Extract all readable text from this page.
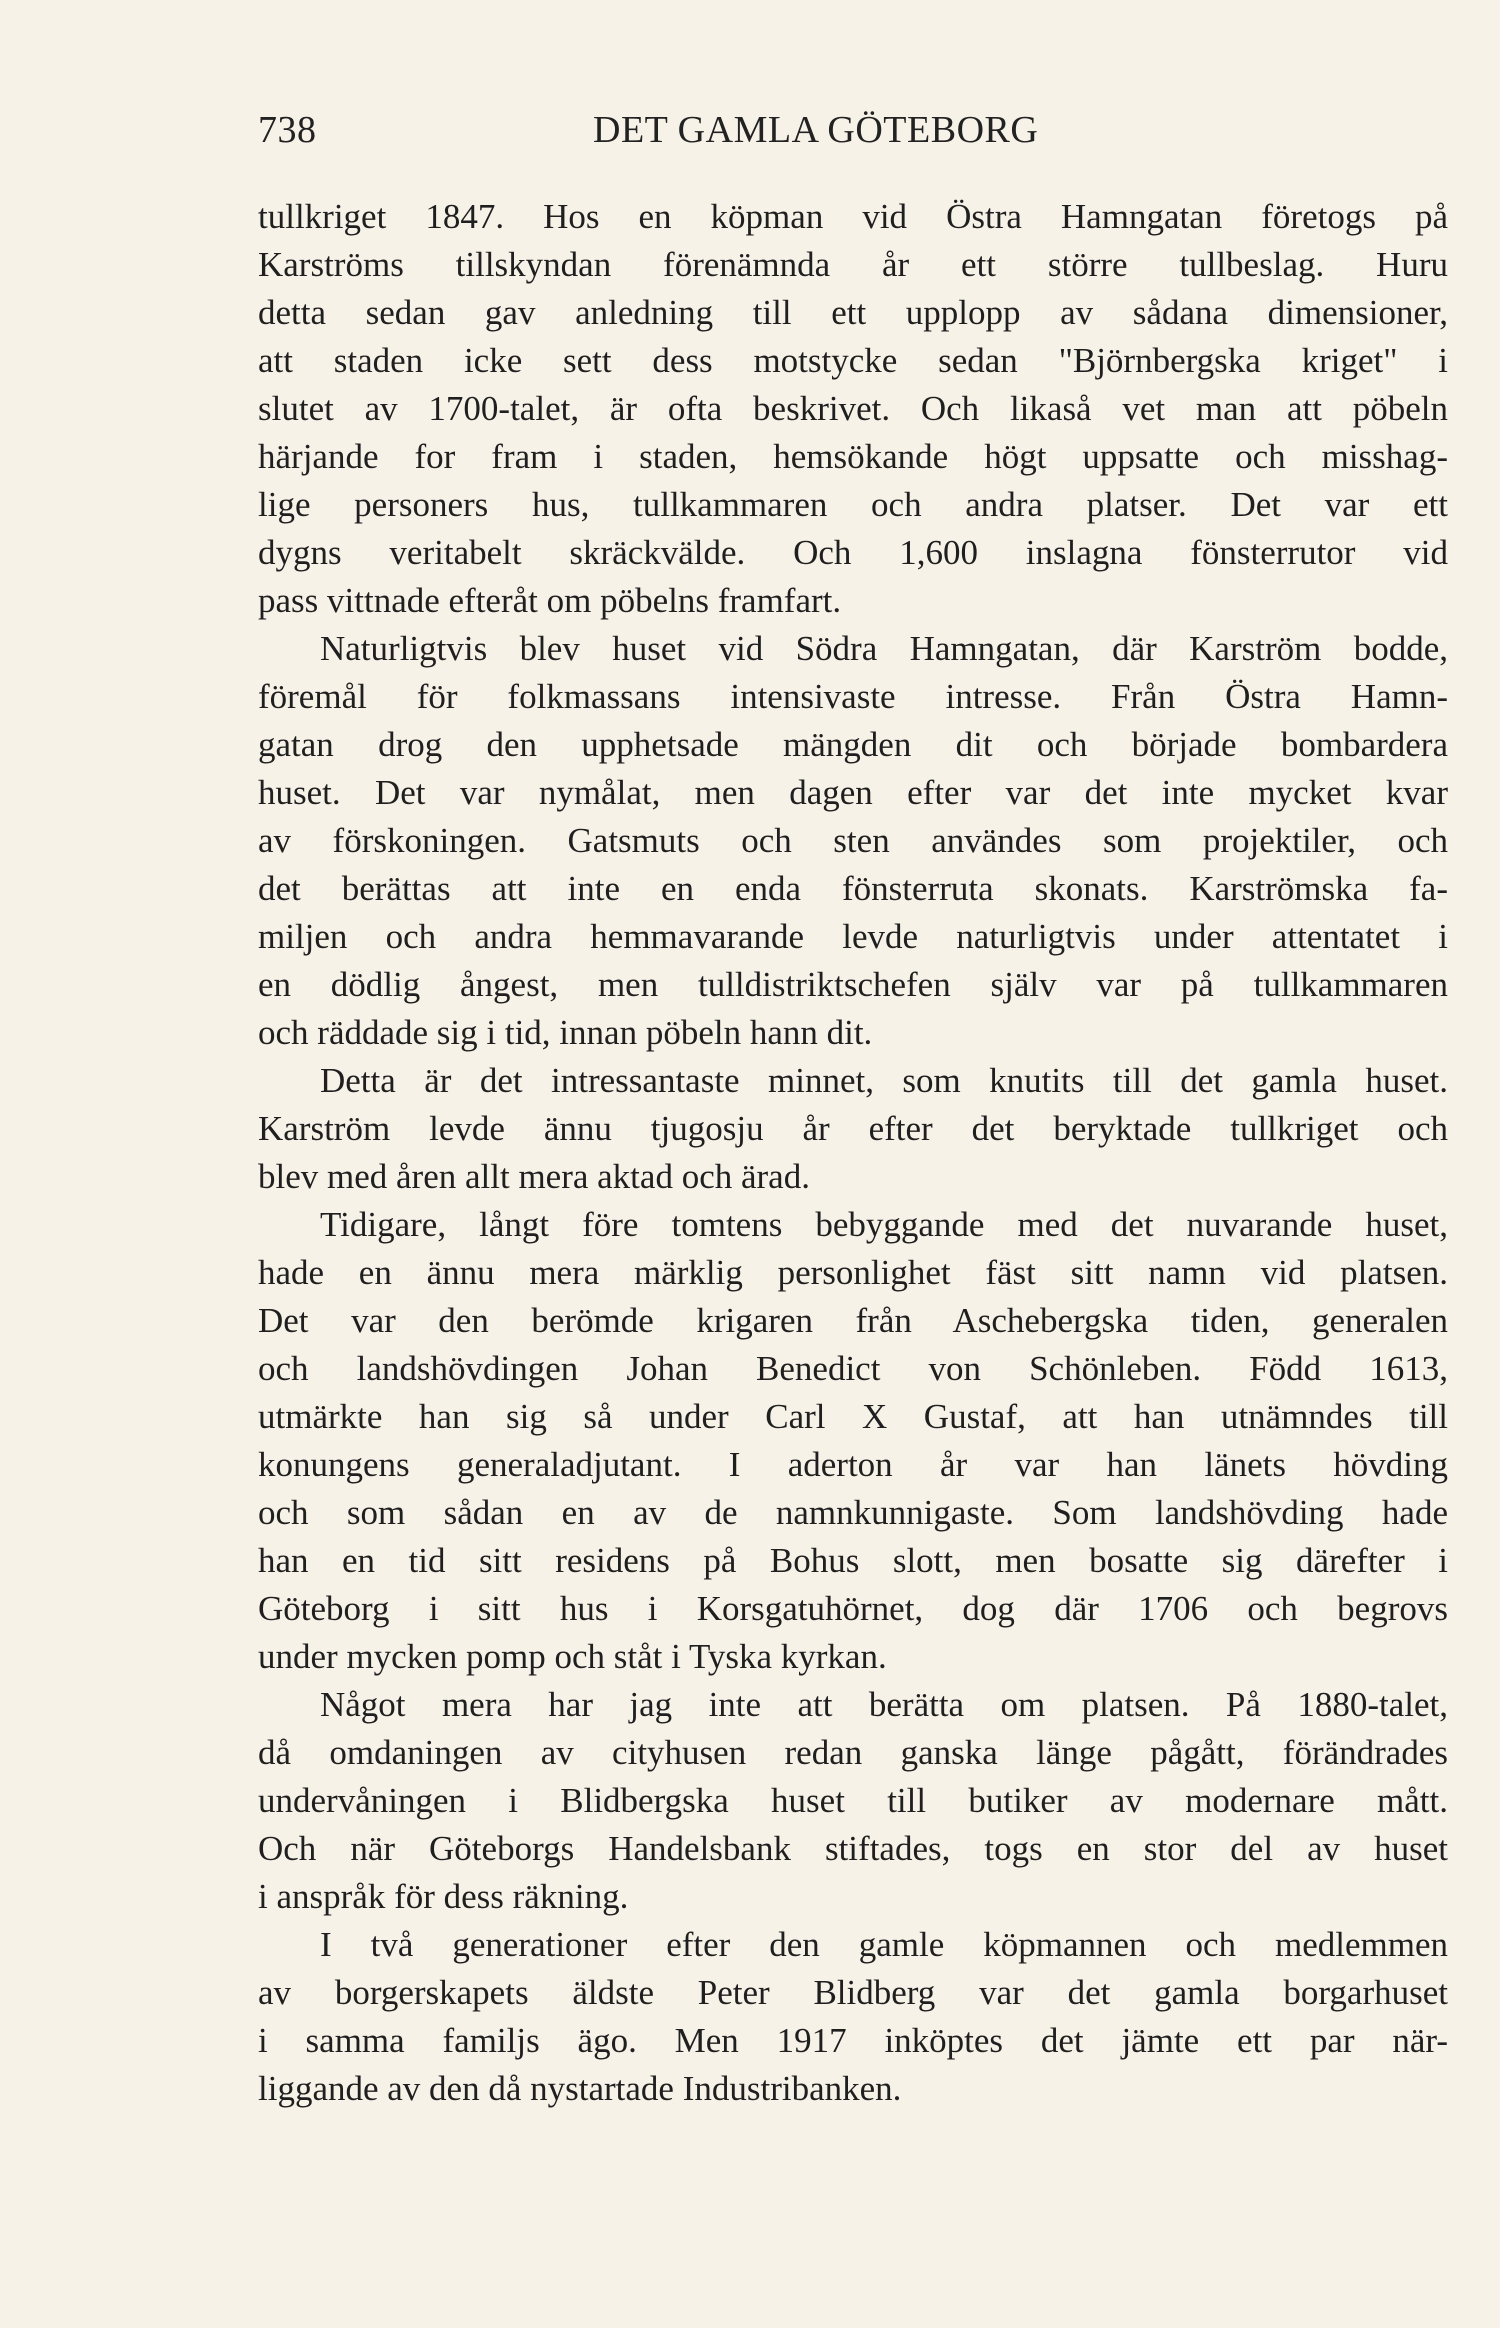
738	DET GAMLA GÖTEBORG
tullkriget 1847. Hos en köpman vid Östra Hamngatan företogs på
Karströms tillskyndan förenämnda år ett större tullbeslag. Huru
detta sedan gav anledning till ett upplopp av sådana dimensioner,
att staden icke sett dess motstycke sedan "Björnbergska kriget" i
slutet av 1700-talet, är ofta beskrivet. Och likaså vet man att pöbeln
härjande for fram i staden, hemsökande högt uppsatte och misshag-
lige personers hus, tullkammaren och andra platser. Det var ett
dygns veritabelt skräckvälde. Och 1,600 inslagna fönsterrutor vid
pass vittnade efteråt om pöbelns framfart.
Naturligtvis blev huset vid Södra Hamngatan, där Karström bodde,
föremål för folkmassans intensivaste intresse. Från Östra Hamn-
gatan drog den upphetsade mängden dit och började bombardera
huset. Det var nymålat, men dagen efter var det inte mycket kvar
av förskoningen. Gatsmuts och sten användes som projektiler, och
det berättas att inte en enda fönsterruta skonats. Karströmska fa-
miljen och andra hemmavarande levde naturligtvis under attentatet i
en dödlig ångest, men tulldistriktschefen själv var på tullkammaren
och räddade sig i tid, innan pöbeln hann dit.
Detta är det intressantaste minnet, som knutits till det gamla huset.
Karström levde ännu tjugosju år efter det beryktade tullkriget och
blev med åren allt mera aktad och ärad.
Tidigare, långt före tomtens bebyggande med det nuvarande huset,
hade en ännu mera märklig personlighet fäst sitt namn vid platsen.
Det var den berömde krigaren från Aschebergska tiden, generalen
och landshövdingen Johan Benedict von Schönleben. Född 1613,
utmärkte han sig så under Carl X Gustaf, att han utnämndes till
konungens generaladjutant. I aderton år var han länets hövding
och som sådan en av de namnkunnigaste. Som landshövding hade
han en tid sitt residens på Bohus slott, men bosatte sig därefter i
Göteborg i sitt hus i Korsgatuhörnet, dog där 1706 och begrovs
under mycken pomp och ståt i Tyska kyrkan.
Något mera har jag inte att berätta om platsen. På 1880-talet,
då omdaningen av cityhusen redan ganska länge pågått, förändrades
undervåningen i Blidbergska huset till butiker av modernare mått.
Och när Göteborgs Handelsbank stiftades, togs en stor del av huset
i anspråk för dess räkning.
I två generationer efter den gamle köpmannen och medlemmen
av borgerskapets äldste Peter Blidberg var det gamla borgarhuset
i samma familjs ägo. Men 1917 inköptes det jämte ett par när-
liggande av den då nystartade Industribanken.
